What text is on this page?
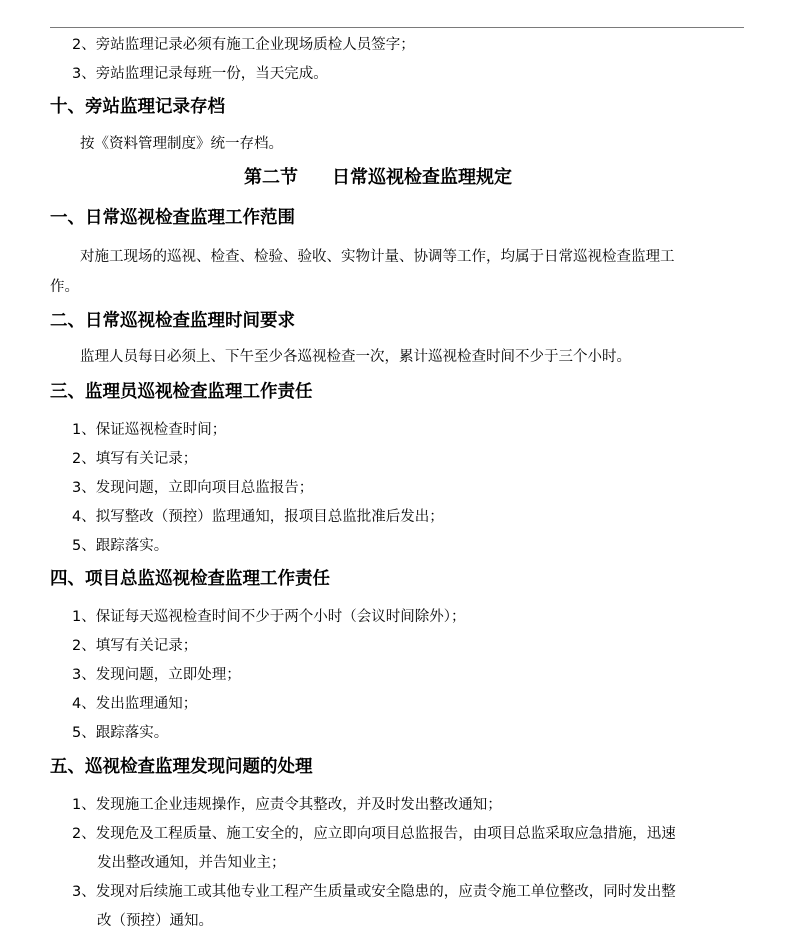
2、旁站监理记录必须有施工企业现场质检人员签字；
3、旁站监理记录每班一份，当天完成。
十、旁站监理记录存档
按《资料管理制度》统一存档。
第二节 日常巡视检查监理规定
一、日常巡视检查监理工作范围
对施工现场的巡视、检查、检验、验收、实物计量、协调等工作，均属于日常巡视检查监理工
作。
二、日常巡视检查监理时间要求
监理人员每日必须上、下午至少各巡视检查一次，累计巡视检查时间不少于三个小时。
三、监理员巡视检查监理工作责任
1、保证巡视检查时间；
2、填写有关记录；
3、发现问题，立即向项目总监报告；
4、拟写整改（预控）监理通知，报项目总监批准后发出；
5、跟踪落实。
四、项目总监巡视检查监理工作责任
1、保证每天巡视检查时间不少于两个小时（会议时间除外）；
2、填写有关记录；
3、发现问题，立即处理；
4、发出监理通知；
5、跟踪落实。
五、巡视检查监理发现问题的处理
1、发现施工企业违规操作，应责令其整改，并及时发出整改通知；
2、发现危及工程质量、施工安全的，应立即向项目总监报告，由项目总监采取应急措施，迅速
发出整改通知，并告知业主；
3、发现对后续施工或其他专业工程产生质量或安全隐患的，应责令施工单位整改，同时发出整
改（预控）通知。
